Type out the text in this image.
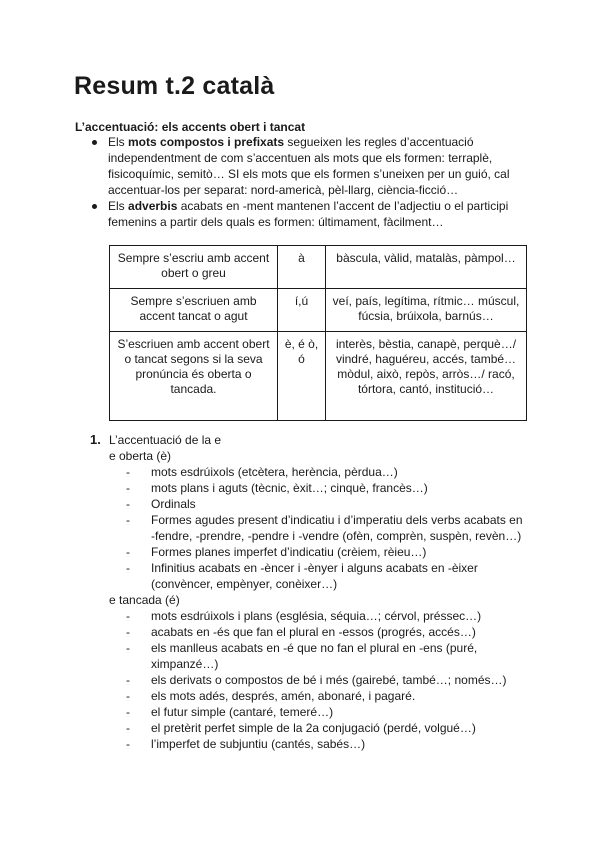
Resum t.2 català
L’accentuació: els accents obert i tancat
Els mots compostos i prefixats segueixen les regles d’accentuació independentment de com s’accentuen als mots que els formen: terraplè, fisicoquímic, semitò… SI els mots que els formen s’uneixen per un guió, cal accentuar-los per separat: nord-americà, pèl-llarg, ciència-ficció…
Els adverbis acabats en -ment mantenen l’accent de l’adjectiu o el participi femenins a partir dels quals es formen: últimament, fàcilment…
Sempre s’escriu amb accent obert o greu	à	bàscula, vàlid, matalàs, pàmpol…
Sempre s’escriuen amb accent tancat o agut	í,ú	veí, país, legítima, rítmic… múscul, fúcsia, brúixola, barnús…
S’escriuen amb accent obert o tancat segons si la seva pronúncia és oberta o tancada.	è, é ò, ó	interès, bèstia, canapè, perquè…/ vindré, haguéreu, accés, també… mòdul, això, repòs, arròs…/ racó, tórtora, cantó, institució…
1. L’accentuació de la e
e oberta (è)
- mots esdrúixols (etcètera, herència, pèrdua…)
- mots plans i aguts (tècnic, èxit…; cinquè, francès…)
- Ordinals
- Formes agudes present d’indicatiu i d’imperatiu dels verbs acabats en -fendre, -prendre, -pendre i -vendre (ofèn, comprèn, suspèn, revèn…)
- Formes planes imperfet d’indicatiu (crèiem, rèieu…)
- Infinitius acabats en -èncer i -ènyer i alguns acabats en -èixer (convèncer, empènyer, conèixer…)
e tancada (é)
- mots esdrúixols i plans (església, séquia…; cérvol, préssec…)
- acabats en -és que fan el plural en -essos (progrés, accés…)
- els manlleus acabats en -é que no fan el plural en -ens (puré, ximpanzé…)
- els derivats o compostos de bé i més (gairebé, també…; només…)
- els mots adés, després, amén, abonaré, i pagaré.
- el futur simple (cantaré, temeré…)
- el pretèrit perfet simple de la 2a conjugació (perdé, volgué…)
- l’imperfet de subjuntiu (cantés, sabés…)
